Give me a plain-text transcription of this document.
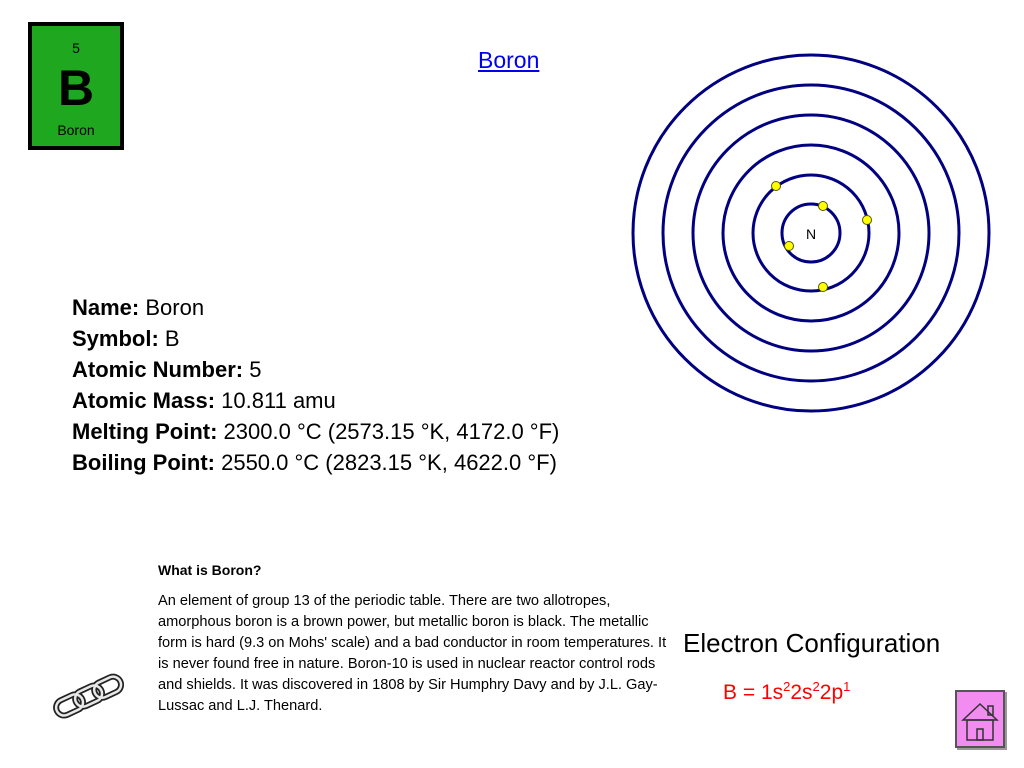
5
B
Boron
Boron
N
Name: Boron
Symbol: B
Atomic Number: 5
Atomic Mass: 10.811 amu
Melting Point: 2300.0 °C (2573.15 °K, 4172.0 °F)
Boiling Point: 2550.0 °C (2823.15 °K, 4622.0 °F)
What is Boron?

An element of group 13 of the periodic table. There are two allotropes, amorphous boron is a brown power, but metallic boron is black. The metallic form is hard (9.3 on Mohs' scale) and a bad conductor in room temperatures. It is never found free in nature. Boron-10 is used in nuclear reactor control rods and shields. It was discovered in 1808 by Sir Humphry Davy and by J.L. Gay-Lussac and L.J. Thenard.

Electron Configuration
$B = 1s^22s^22p^1$
